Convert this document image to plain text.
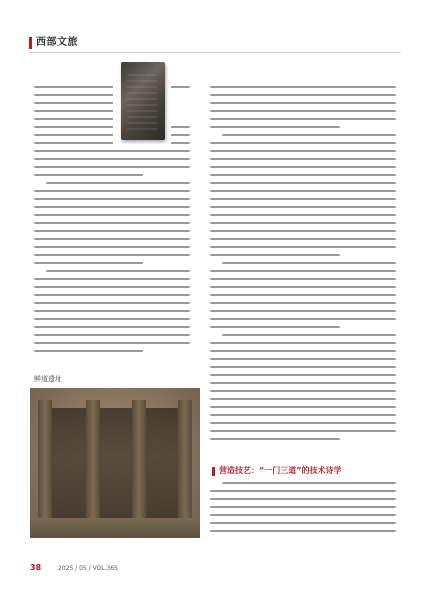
西部文旅
鲜道遗址
营造技艺：“一门三道”的技术诗学
38	2025 / 05 / VOL.365
